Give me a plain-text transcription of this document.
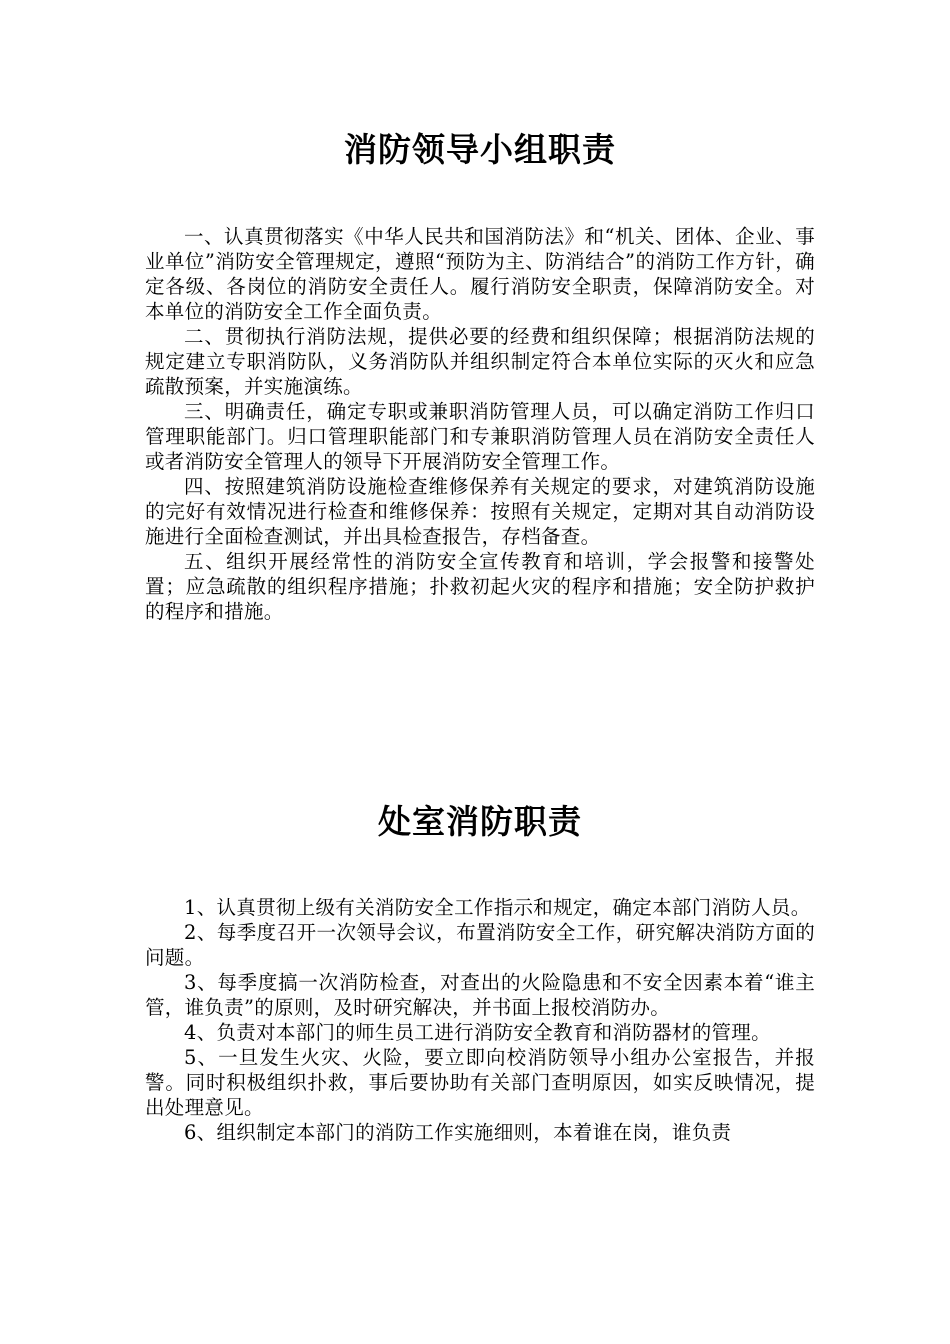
消防领导小组职责

一、认真贯彻落实《中华人民共和国消防法》和“机关、团体、企业、事业单位”消防安全管理规定，遵照“预防为主、防消结合”的消防工作方针，确定各级、各岗位的消防安全责任人。履行消防安全职责，保障消防安全。对本单位的消防安全工作全面负责。

二、贯彻执行消防法规，提供必要的经费和组织保障；根据消防法规的规定建立专职消防队，义务消防队并组织制定符合本单位实际的灭火和应急疏散预案，并实施演练。

三、明确责任，确定专职或兼职消防管理人员，可以确定消防工作归口管理职能部门。归口管理职能部门和专兼职消防管理人员在消防安全责任人或者消防安全管理人的领导下开展消防安全管理工作。

四、按照建筑消防设施检查维修保养有关规定的要求，对建筑消防设施的完好有效情况进行检查和维修保养：按照有关规定，定期对其自动消防设施进行全面检查测试，并出具检查报告，存档备查。

五、组织开展经常性的消防安全宣传教育和培训，学会报警和接警处置；应急疏散的组织程序措施；扑救初起火灾的程序和措施；安全防护救护的程序和措施。

处室消防职责

1、认真贯彻上级有关消防安全工作指示和规定，确定本部门消防人员。

2、每季度召开一次领导会议，布置消防安全工作，研究解决消防方面的问题。

3、每季度搞一次消防检查，对查出的火险隐患和不安全因素本着“谁主管，谁负责”的原则，及时研究解决，并书面上报校消防办。

4、负责对本部门的师生员工进行消防安全教育和消防器材的管理。

5、一旦发生火灾、火险，要立即向校消防领导小组办公室报告，并报警。同时积极组织扑救，事后要协助有关部门查明原因，如实反映情况，提出处理意见。

6、组织制定本部门的消防工作实施细则，本着谁在岗，谁负责
